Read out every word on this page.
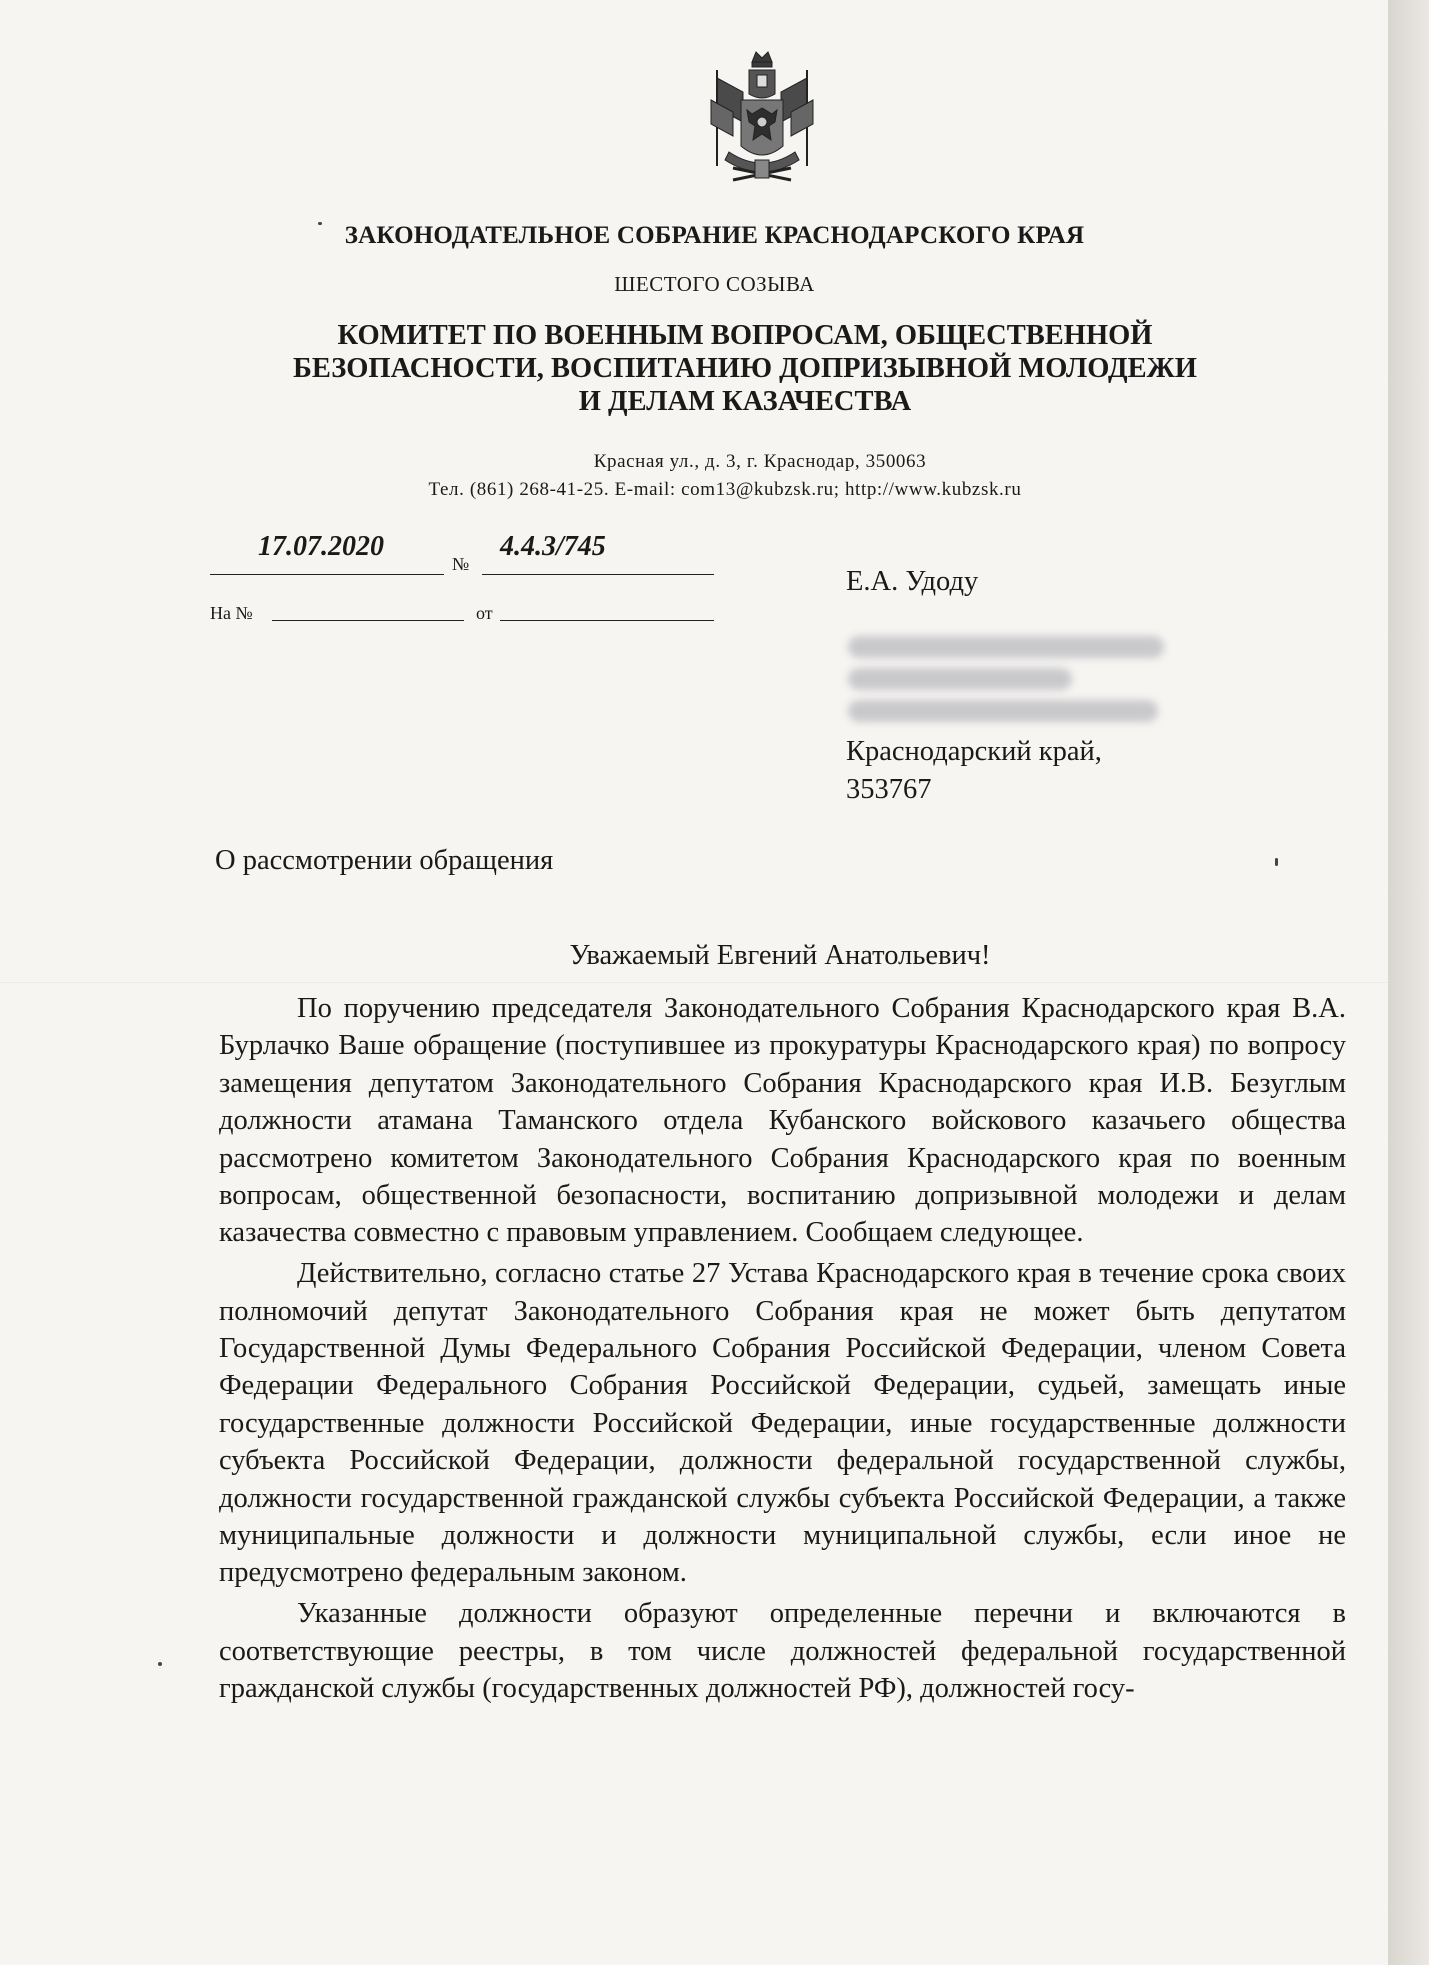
ЗАКОНОДАТЕЛЬНОЕ СОБРАНИЕ КРАСНОДАРСКОГО КРАЯ
ШЕСТОГО СОЗЫВА
КОМИТЕТ ПО ВОЕННЫМ ВОПРОСАМ, ОБЩЕСТВЕННОЙ
БЕЗОПАСНОСТИ, ВОСПИТАНИЮ ДОПРИЗЫВНОЙ МОЛОДЕЖИ
И ДЕЛАМ КАЗАЧЕСТВА
Красная ул., д. 3, г. Краснодар, 350063
Тел. (861) 268-41-25. E-mail: com13@kubzsk.ru; http://www.kubzsk.ru
17.07.2020
№
4.4.3/745
На №	от
Е.А. Удоду
Краснодарский край,
353767
О рассмотрении обращения
Уважаемый Евгений Анатольевич!

По поручению председателя Законодательного Собрания Краснодарского края В.А. Бурлачко Ваше обращение (поступившее из прокуратуры Краснодарского края) по вопросу замещения депутатом Законодательного Собрания Краснодарского края И.В. Безуглым должности атамана Таманского отдела Кубанского войскового казачьего общества рассмотрено комитетом Законодательного Собрания Краснодарского края по военным вопросам, общественной безопасности, воспитанию допризывной молодежи и делам казачества совместно с правовым управлением. Сообщаем следующее.

Действительно, согласно статье 27 Устава Краснодарского края в течение срока своих полномочий депутат Законодательного Собрания края не может быть депутатом Государственной Думы Федерального Собрания Российской Федерации, членом Совета Федерации Федерального Собрания Российской Федерации, судьей, замещать иные государственные должности Российской Федерации, иные государственные должности субъекта Российской Федерации, должности федеральной государственной службы, должности государственной гражданской службы субъекта Российской Федерации, а также муниципальные должности и должности муниципальной службы, если иное не предусмотрено федеральным законом.

Указанные должности образуют определенные перечни и включаются в соответствующие реестры, в том числе должностей федеральной государственной гражданской службы (государственных должностей РФ), должностей госу-
